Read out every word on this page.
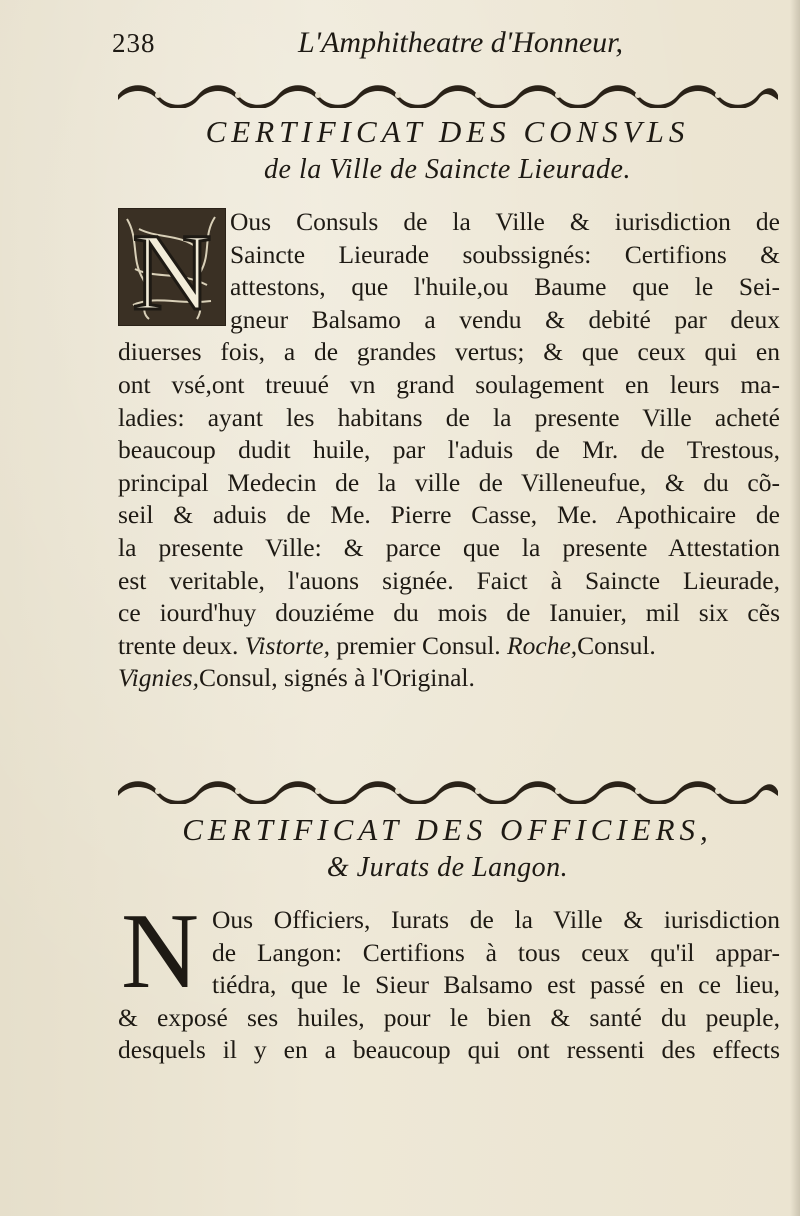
238	L'Amphitheatre d'Honneur,
CERTIFICAT DES CONSVLS
de la Ville de Saincte Lieurade.
N Ous Consuls de la Ville & iurisdiction de
Saincte Lieurade soubssignés: Certifions &
attestons, que l'huile,ou Baume que le Sei-
gneur Balsamo a vendu & debité par deux
diuerses fois, a de grandes vertus; & que ceux qui en
ont vsé,ont treuué vn grand soulagement en leurs ma-
ladies: ayant les habitans de la presente Ville acheté
beaucoup dudit huile, par l'aduis de Mr. de Trestous,
principal Medecin de la ville de Villeneufue, & du cõ-
seil & aduis de Me. Pierre Casse, Me. Apothicaire de
la presente Ville: & parce que la presente Attestation
est veritable, l'auons signée. Faict à Saincte Lieurade,
ce iourd'huy douziéme du mois de Ianuier, mil six cẽs
trente deux. Vistorte, premier Consul. Roche,Consul.
Vignies,Consul, signés à l'Original.
CERTIFICAT DES OFFICIERS,
& Jurats de Langon.
N Ous Officiers, Iurats de la Ville & iurisdiction
de Langon: Certifions à tous ceux qu'il appar-
tiédra, que le Sieur Balsamo est passé en ce lieu,
& exposé ses huiles, pour le bien & santé du peuple,
desquels il y en a beaucoup qui ont ressenti des effects
